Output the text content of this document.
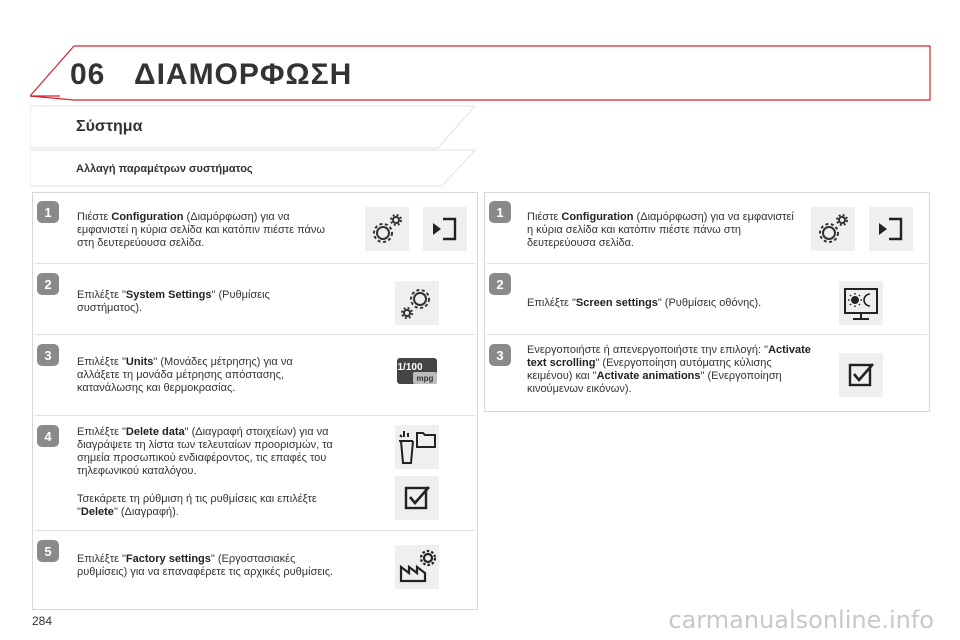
06 ΔΙΑΜΟΡΦΩΣΗ
Σύστημα
Αλλαγή παραμέτρων συστήματος
1 Πιέστε Configuration (Διαμόρφωση) για να εμφανιστεί η κύρια σελίδα και κατόπιν πιέστε πάνω στη δευτερεύουσα σελίδα.
2
Επιλέξτε "System Settings" (Ρυθμίσεις συστήματος).
3 Επιλέξτε "Units" (Μονάδες μέτρησης) για να αλλάξετε τη μονάδα μέτρησης απόστασης, κατανάλωσης και θερμοκρασίας.
1/100
mpg
4 Επιλέξτε "Delete data" (Διαγραφή στοιχείων) για να διαγράψετε τη λίστα των τελευταίων προορισμών, τα σημεία προσωπικού ενδιαφέροντος, τις επαφές του τηλεφωνικού καταλόγου.
Τσεκάρετε τη ρύθμιση ή τις ρυθμίσεις και επιλέξτε "Delete" (Διαγραφή).
5 Επιλέξτε "Factory settings" (Εργοστασιακές ρυθμίσεις) για να επαναφέρετε τις αρχικές ρυθμίσεις.
1 Πιέστε Configuration (Διαμόρφωση) για να εμφανιστεί η κύρια σελίδα και κατόπιν πιέστε πάνω στη δευτερεύουσα σελίδα.
2
Επιλέξτε "Screen settings" (Ρυθμίσεις οθόνης).
3 Ενεργοποιήστε ή απενεργοποιήστε την επιλογή: "Activate text scrolling" (Ενεργοποίηση αυτόματης κύλισης κειμένου) και "Activate animations" (Ενεργοποίηση κινούμενων εικόνων).
284	carmanualsonline.info
